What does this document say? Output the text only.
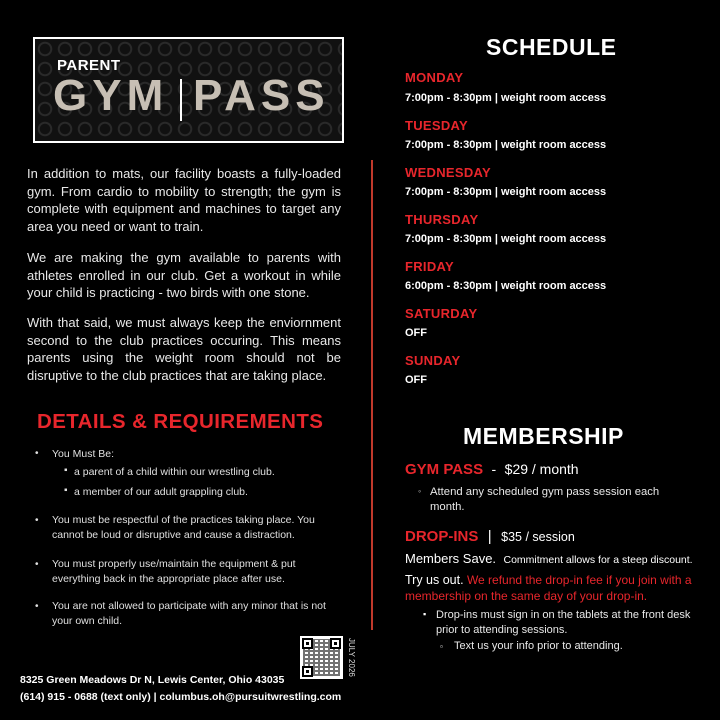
PARENT
GYM PASS

In addition to mats, our facility boasts a fully-loaded gym. From cardio to mobility to strength; the gym is complete with equipment and machines to target any area you need or want to train.

We are making the gym available to parents with athletes enrolled in our club. Get a workout in while your child is practicing - two birds with one stone.

With that said, we must always keep the enviornment second to the club practices occuring. This means parents using the weight room should not be disruptive to the club practices that are taking place.

DETAILS & REQUIREMENTS
• You Must Be:
▪ a parent of a child within our wrestling club.
▪ a member of our adult grappling club.
• You must be respectful of the practices taking place. You cannot be loud or disruptive and cause a distraction.
• You must properly use/maintain the equipment & put everything back in the appropriate place after use.
• You are not allowed to participate with any minor that is not your own child.
SCHEDULE
MONDAY
7:00pm - 8:30pm | weight room access
TUESDAY
7:00pm - 8:30pm | weight room access
WEDNESDAY
7:00pm - 8:30pm | weight room access
THURSDAY
7:00pm - 8:30pm | weight room access
FRIDAY
6:00pm - 8:30pm | weight room access
SATURDAY
OFF
SUNDAY
OFF
MEMBERSHIP
GYM PASS - $29 / month
◦ Attend any scheduled gym pass session each month.
DROP-INS | $35 / session
Members Save. Commitment allows for a steep discount.
Try us out. We refund the drop-in fee if you join with a membership on the same day of your drop-in.
▪ Drop-ins must sign in on the tablets at the front desk prior to attending sessions.
▫ Text us your info prior to attending.
JULY 2026
8325 Green Meadows Dr N, Lewis Center, Ohio 43035
(614) 915 - 0688 (text only) | columbus.oh@pursuitwrestling.com
